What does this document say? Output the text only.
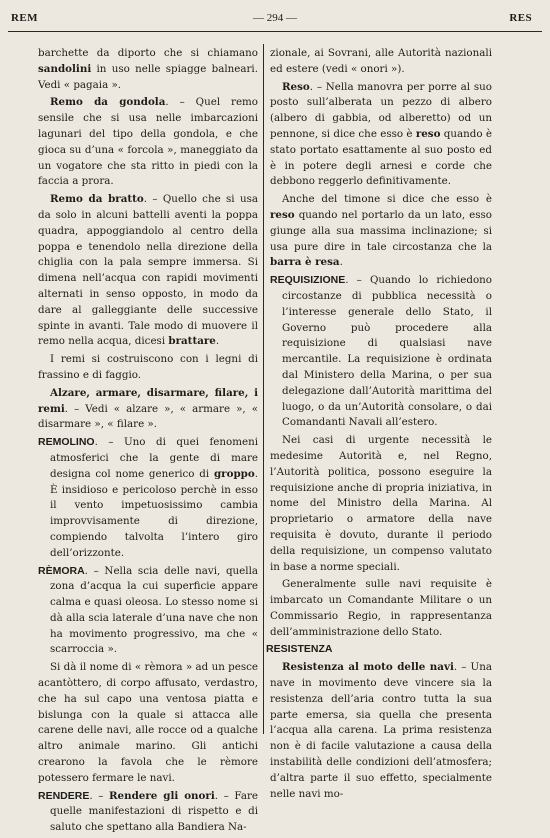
REM	— 294 —	RES

barchette da diporto che si chiamano sandolini in uso nelle spiagge balneari. Vedi « pagaia ».

Remo da gondola. – Quel remo sensile che si usa nelle imbarcazioni lagunari del tipo della gondola, e che gioca su d’una « forcola », maneggiato da un vogatore che sta ritto in piedi con la faccia a prora.

Remo da bratto. – Quello che si usa da solo in alcuni battelli aventi la poppa quadra, appoggiandolo al centro della poppa e tenendolo nella direzione della chiglia con la pala sempre immersa. Si dimena nell’acqua con rapidi movimenti alternati in senso opposto, in modo da dare al galleggiante delle successive spinte in avanti. Tale modo di muovere il remo nella acqua, dicesi brattare.

I remi si costruiscono con i legni di frassino e di faggio.

Alzare, armare, disarmare, filare, i remi. – Vedi « alzare », « armare », « disarmare », « filare ».

REMOLINO. – Uno di quei fenomeni atmosferici che la gente di mare designa col nome generico di groppo. È insidioso e pericoloso perchè in esso il vento impetuosissimo cambia improvvisamente di direzione, compiendo talvolta l’intero giro dell’orizzonte.

RÈMORA. – Nella scia delle navi, quella zona d’acqua la cui superficie appare calma e quasi oleosa. Lo stesso nome si dà alla scia laterale d’una nave che non ha movimento progressivo, ma che « scarroccia ».

Si dà il nome di « rèmora » ad un pesce acantòttero, di corpo affusato, verdastro, che ha sul capo una ventosa piatta e bislunga con la quale si attacca alle carene delle navi, alle rocce od a qualche altro animale marino. Gli antichi crearono la favola che le rèmore potessero fermare le navi.

RENDERE. – Rendere gli onori. – Fare quelle manifestazioni di rispetto e di saluto che spettano alla Bandiera Na-

zionale, ai Sovrani, alle Autorità nazionali ed estere (vedi « onori »).

Reso. – Nella manovra per porre al suo posto sull’alberata un pezzo di albero (albero di gabbia, od alberetto) od un pennone, si dice che esso è reso quando è stato portato esattamente al suo posto ed è in potere degli arnesi e corde che debbono reggerlo definitivamente.

Anche del timone si dice che esso è reso quando nel portarlo da un lato, esso giunge alla sua massima inclinazione; si usa pure dire in tale circostanza che la barra è resa.

REQUISIZIONE. – Quando lo richiedono circostanze di pubblica necessità o l’interesse generale dello Stato, il Governo può procedere alla requisizione di qualsiasi nave mercantile. La requisizione è ordinata dal Ministero della Marina, o per sua delegazione dall’Autorità marittima del luogo, o da un’Autorità consolare, o dai Comandanti Navali all’estero.

Nei casi di urgente necessità le medesime Autorità e, nel Regno, l’Autorità politica, possono eseguire la requisizione anche di propria iniziativa, in nome del Ministro della Marina. Al proprietario o armatore della nave requisita è dovuto, durante il periodo della requisizione, un compenso valutato in base a norme speciali.

Generalmente sulle navi requisite è imbarcato un Comandante Militare o un Commissario Regio, in rappresentanza dell’amministrazione dello Stato.

RESISTENZA

Resistenza al moto delle navi. – Una nave in movimento deve vincere sia la resistenza dell’aria contro tutta la sua parte emersa, sia quella che presenta l’acqua alla carena. La prima resistenza non è di facile valutazione a causa della instabilità delle condizioni dell’atmosfera; d’altra parte il suo effetto, specialmente nelle navi mo-
